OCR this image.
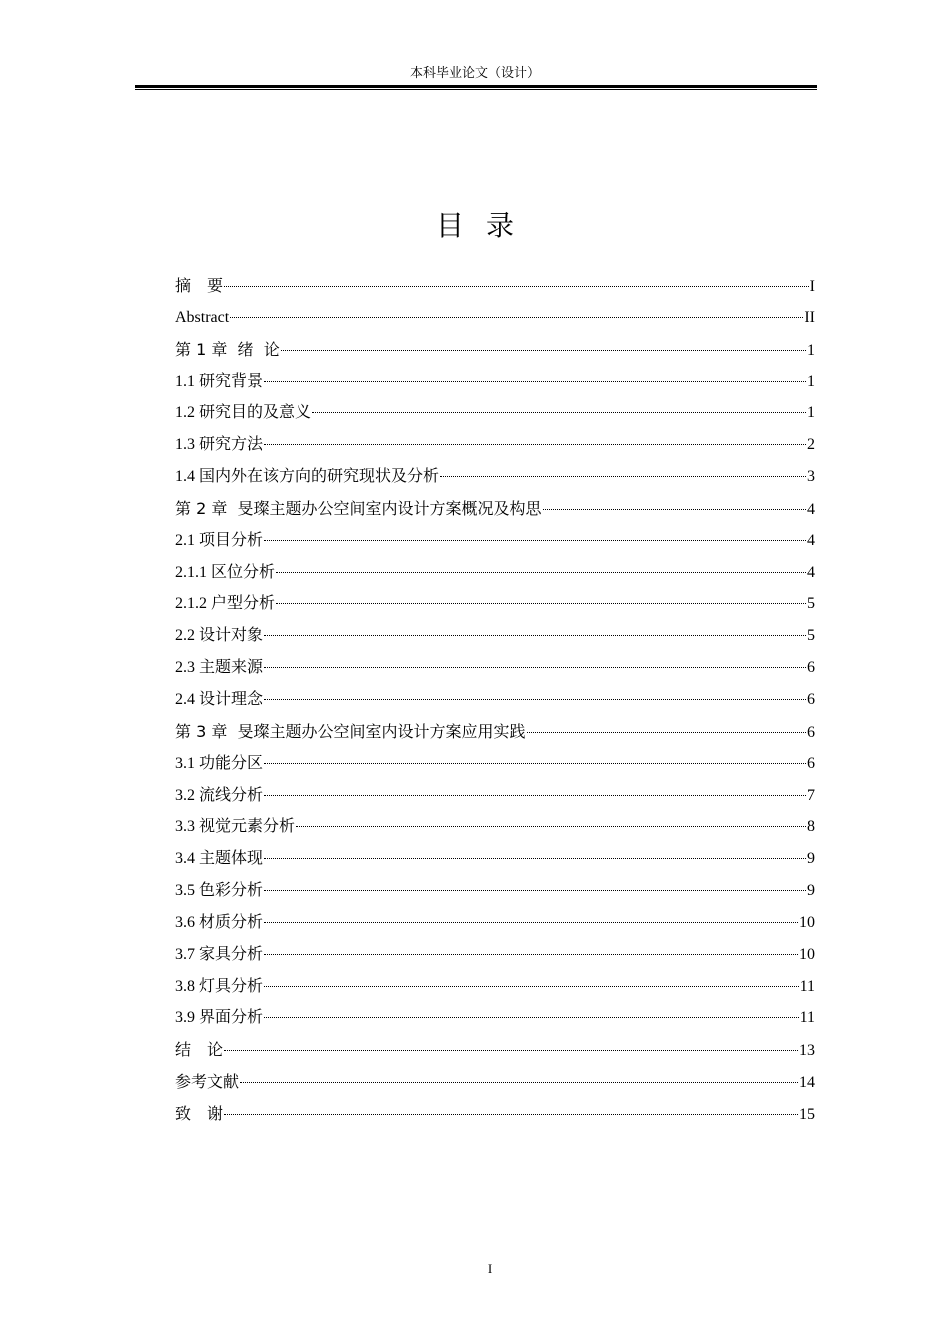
本科毕业论文（设计）
目录
摘　要	I
Abstract	II
第 1 章  绪  论	1
1.1 研究背景	1
1.2 研究目的及意义	1
1.3 研究方法	2
1.4 国内外在该方向的研究现状及分析	3
第 2 章  旻璨主题办公空间室内设计方案概况及构思	4
2.1 项目分析	4
2.1.1 区位分析	4
2.1.2 户型分析	5
2.2 设计对象	5
2.3 主题来源	6
2.4 设计理念	6
第 3 章  旻璨主题办公空间室内设计方案应用实践	6
3.1 功能分区	6
3.2 流线分析	7
3.3 视觉元素分析	8
3.4 主题体现	9
3.5 色彩分析	9
3.6 材质分析	10
3.7 家具分析	10
3.8 灯具分析	11
3.9 界面分析	11
结　论	13
参考文献	14
致　谢	15
I
